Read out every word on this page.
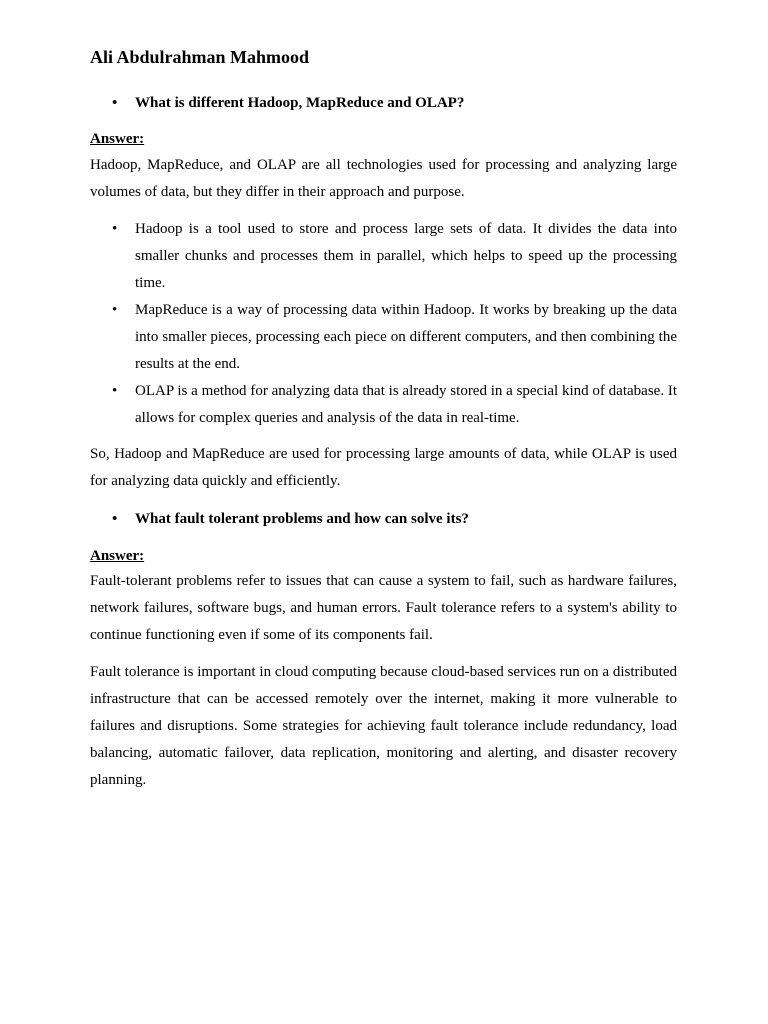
Ali Abdulrahman Mahmood
• What is different Hadoop, MapReduce and OLAP?
Answer:

Hadoop, MapReduce, and OLAP are all technologies used for processing and analyzing large volumes of data, but they differ in their approach and purpose.

• Hadoop is a tool used to store and process large sets of data. It divides the data into smaller chunks and processes them in parallel, which helps to speed up the processing time.
• MapReduce is a way of processing data within Hadoop. It works by breaking up the data into smaller pieces, processing each piece on different computers, and then combining the results at the end.
• OLAP is a method for analyzing data that is already stored in a special kind of database. It allows for complex queries and analysis of the data in real-time.

So, Hadoop and MapReduce are used for processing large amounts of data, while OLAP is used for analyzing data quickly and efficiently.

• What fault tolerant problems and how can solve its?
Answer:

Fault-tolerant problems refer to issues that can cause a system to fail, such as hardware failures, network failures, software bugs, and human errors. Fault tolerance refers to a system's ability to continue functioning even if some of its components fail.

Fault tolerance is important in cloud computing because cloud-based services run on a distributed infrastructure that can be accessed remotely over the internet, making it more vulnerable to failures and disruptions. Some strategies for achieving fault tolerance include redundancy, load balancing, automatic failover, data replication, monitoring and alerting, and disaster recovery planning.
